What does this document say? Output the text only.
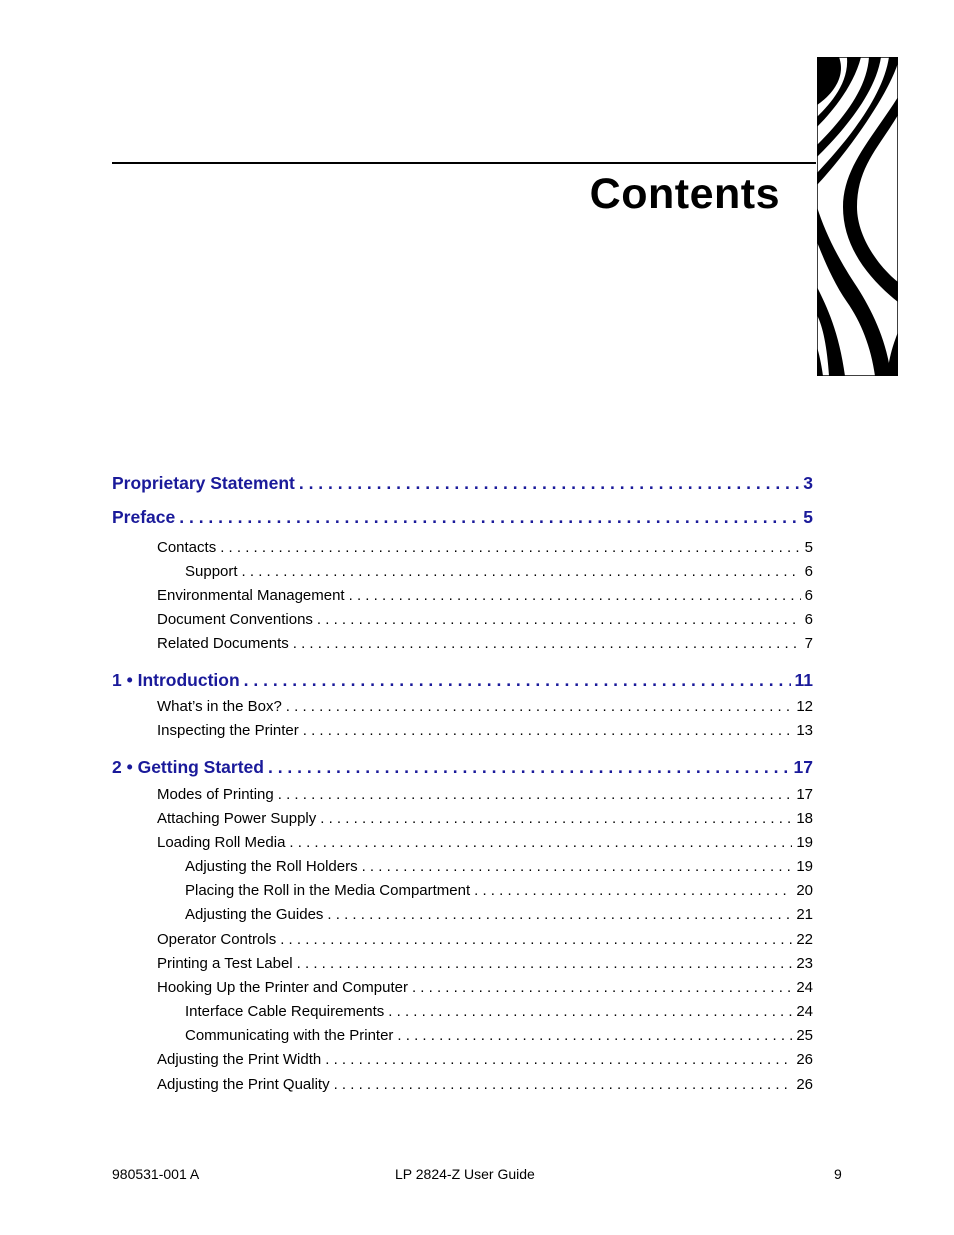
Contents
Proprietary Statement . . .	3
Preface . . .	5
Contacts . . .	5
Support . . .	6
Environmental Management . . .	6
Document Conventions . . .	6
Related Documents . . .	7
1 • Introduction . . .	11
What’s in the Box? . . .	12
Inspecting the Printer . . .	13
2 • Getting Started . . .	17
Modes of Printing . . .	17
Attaching Power Supply . . .	18
Loading Roll Media . . .	19
Adjusting the Roll Holders . . .	19
Placing the Roll in the Media Compartment . . .	20
Adjusting the Guides . . .	21
Operator Controls . . .	22
Printing a Test Label . . .	23
Hooking Up the Printer and Computer . . .	24
Interface Cable Requirements . . .	24
Communicating with the Printer . . .	25
Adjusting the Print Width . . .	26
Adjusting the Print Quality . . .	26
980531-001 A	LP 2824-Z User Guide	9
